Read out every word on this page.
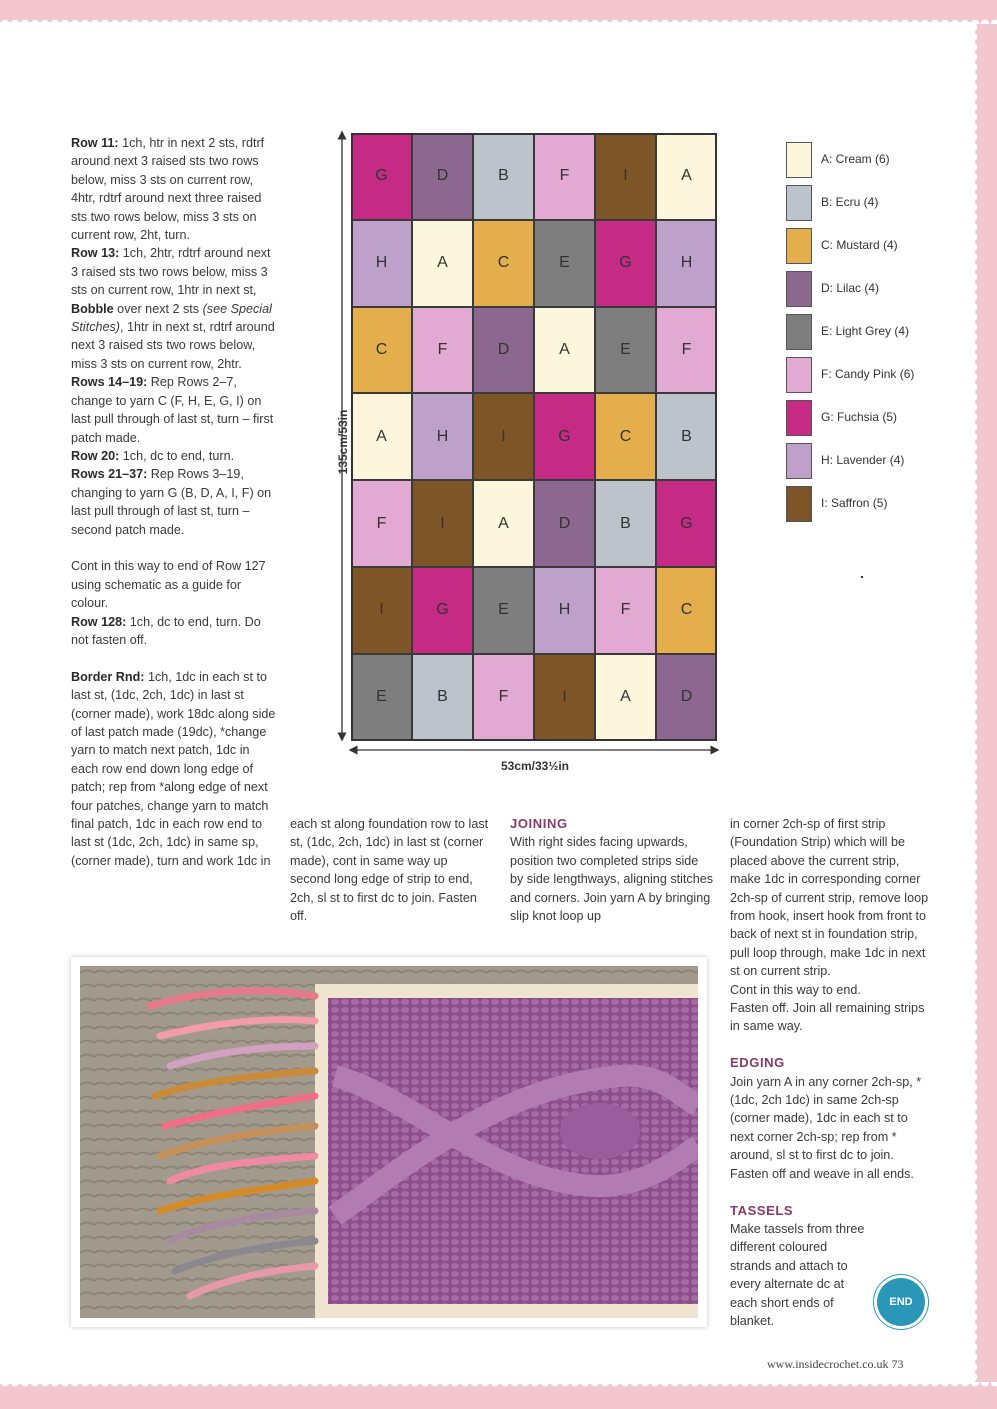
Row 11: 1ch, htr in next 2 sts, rdtrf around next 3 raised sts two rows below, miss 3 sts on current row, 4htr, rdtrf around next three raised sts two rows below, miss 3 sts on current row, 2ht, turn.

Row 13: 1ch, 2htr, rdtrf around next 3 raised sts two rows below, miss 3 sts on current row, 1htr in next st, Bobble over next 2 sts (see Special Stitches), 1htr in next st, rdtrf around next 3 raised sts two rows below, miss 3 sts on current row, 2htr.

Rows 14–19: Rep Rows 2–7, change to yarn C (F, H, E, G, I) on last pull through of last st, turn – first patch made.

Row 20: 1ch, dc to end, turn.

Rows 21–37: Rep Rows 3–19, changing to yarn G (B, D, A, I, F) on last pull through of last st, turn – second patch made.

Cont in this way to end of Row 127 using schematic as a guide for colour.

Row 128: 1ch, dc to end, turn. Do not fasten off.

Border Rnd: 1ch, 1dc in each st to last st, (1dc, 2ch, 1dc) in last st (corner made), work 18dc along side of last patch made (19dc), *change yarn to match next patch, 1dc in each row end down long edge of patch; rep from *along edge of next four patches, change yarn to match final patch, 1dc in each row end to last st (1dc, 2ch, 1dc) in same sp, (corner made), turn and work 1dc in

G	D	B	F	I	A
H	A	C	E	G	H
C	F	D	A	E	F
A	H	I	G	C	B
F	I	A	D	B	G
I	G	E	H	F	C
E	B	F	I	A	D
135cm/53in
53cm/33½in
A: Cream (6)
B: Ecru (4)
C: Mustard (4)
D: Lilac (4)
E: Light Grey (4)
F: Candy Pink (6)
G: Fuchsia (5)
H: Lavender (4)
I: Saffron (5)

each st along foundation row to last st, (1dc, 2ch, 1dc) in last st (corner made), cont in same way up second long edge of strip to end, 2ch, sl st to first dc to join. Fasten off.

JOINING

With right sides facing upwards, position two completed strips side by side lengthways, aligning stitches and corners. Join yarn A by bringing slip knot loop up

in corner 2ch-sp of first strip (Foundation Strip) which will be placed above the current strip, make 1dc in corresponding corner 2ch-sp of current strip, remove loop from hook, insert hook from front to back of next st in foundation strip, pull loop through, make 1dc in next st on current strip.

Cont in this way to end.

Fasten off. Join all remaining strips in same way.

EDGING

Join yarn A in any corner 2ch-sp, *(1dc, 2ch 1dc) in same 2ch-sp (corner made), 1dc in each st to next corner 2ch-sp; rep from * around, sl st to first dc to join. Fasten off and weave in all ends.

TASSELS

Make tassels from three different coloured strands and attach to every alternate dc at each short ends of blanket.

END
www.insidecrochet.co.uk 73
